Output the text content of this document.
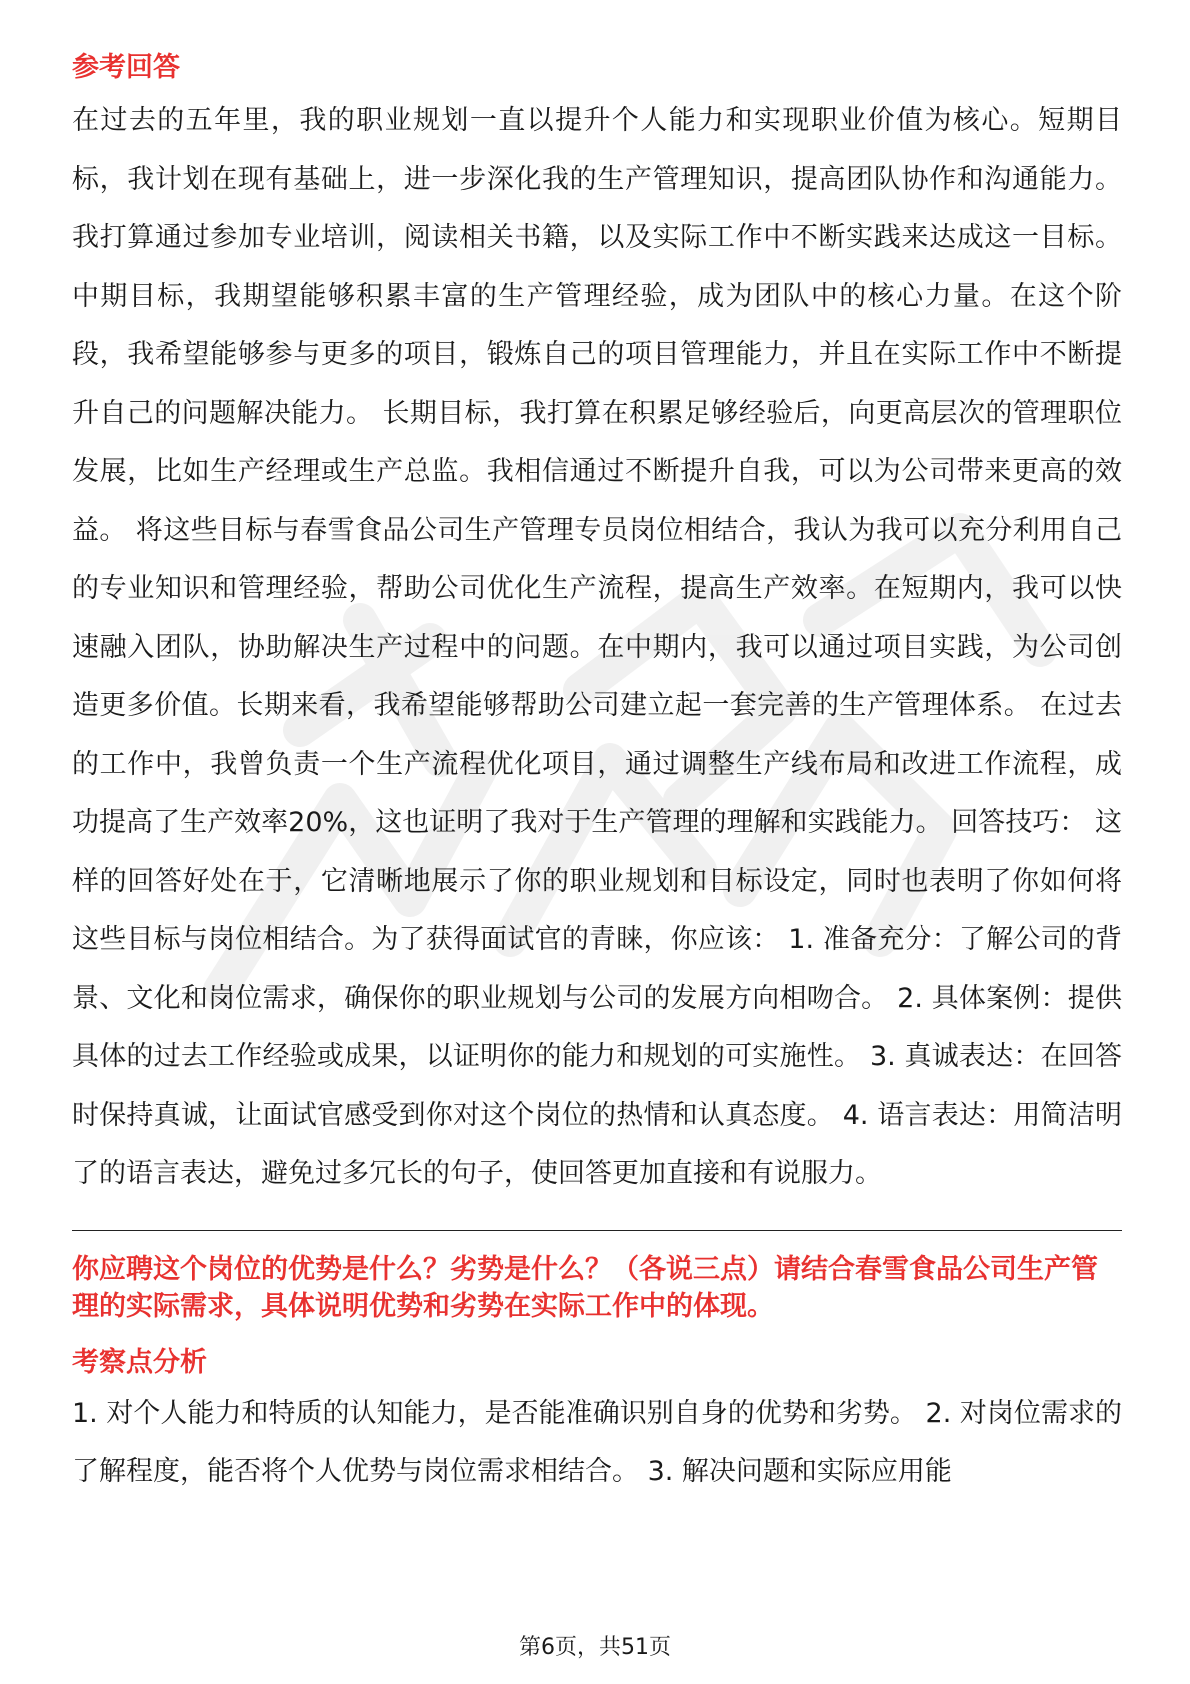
参考回答

在过去的五年里，我的职业规划一直以提升个人能力和实现职业价值为核心。短期目标，我计划在现有基础上，进一步深化我的生产管理知识，提高团队协作和沟通能力。我打算通过参加专业培训，阅读相关书籍，以及实际工作中不断实践来达成这一目标。 中期目标，我期望能够积累丰富的生产管理经验，成为团队中的核心力量。在这个阶段，我希望能够参与更多的项目，锻炼自己的项目管理能力，并且在实际工作中不断提升自己的问题解决能力。 长期目标，我打算在积累足够经验后，向更高层次的管理职位发展，比如生产经理或生产总监。我相信通过不断提升自我，可以为公司带来更高的效益。 将这些目标与春雪食品公司生产管理专员岗位相结合，我认为我可以充分利用自己的专业知识和管理经验，帮助公司优化生产流程，提高生产效率。在短期内，我可以快速融入团队，协助解决生产过程中的问题。在中期内，我可以通过项目实践，为公司创造更多价值。长期来看，我希望能够帮助公司建立起一套完善的生产管理体系。 在过去的工作中，我曾负责一个生产流程优化项目，通过调整生产线布局和改进工作流程，成功提高了生产效率20%，这也证明了我对于生产管理的理解和实践能力。 回答技巧： 这样的回答好处在于，它清晰地展示了你的职业规划和目标设定，同时也表明了你如何将这些目标与岗位相结合。为了获得面试官的青睐，你应该： 1. 准备充分：了解公司的背景、文化和岗位需求，确保你的职业规划与公司的发展方向相吻合。 2. 具体案例：提供具体的过去工作经验或成果，以证明你的能力和规划的可实施性。 3. 真诚表达：在回答时保持真诚，让面试官感受到你对这个岗位的热情和认真态度。 4. 语言表达：用简洁明了的语言表达，避免过多冗长的句子，使回答更加直接和有说服力。

你应聘这个岗位的优势是什么？劣势是什么？（各说三点）请结合春雪食品公司生产管理的实际需求，具体说明优势和劣势在实际工作中的体现。

考察点分析

1. 对个人能力和特质的认知能力，是否能准确识别自身的优势和劣势。 2. 对岗位需求的了解程度，能否将个人优势与岗位需求相结合。 3. 解决问题和实际应用能

第6页，共51页
